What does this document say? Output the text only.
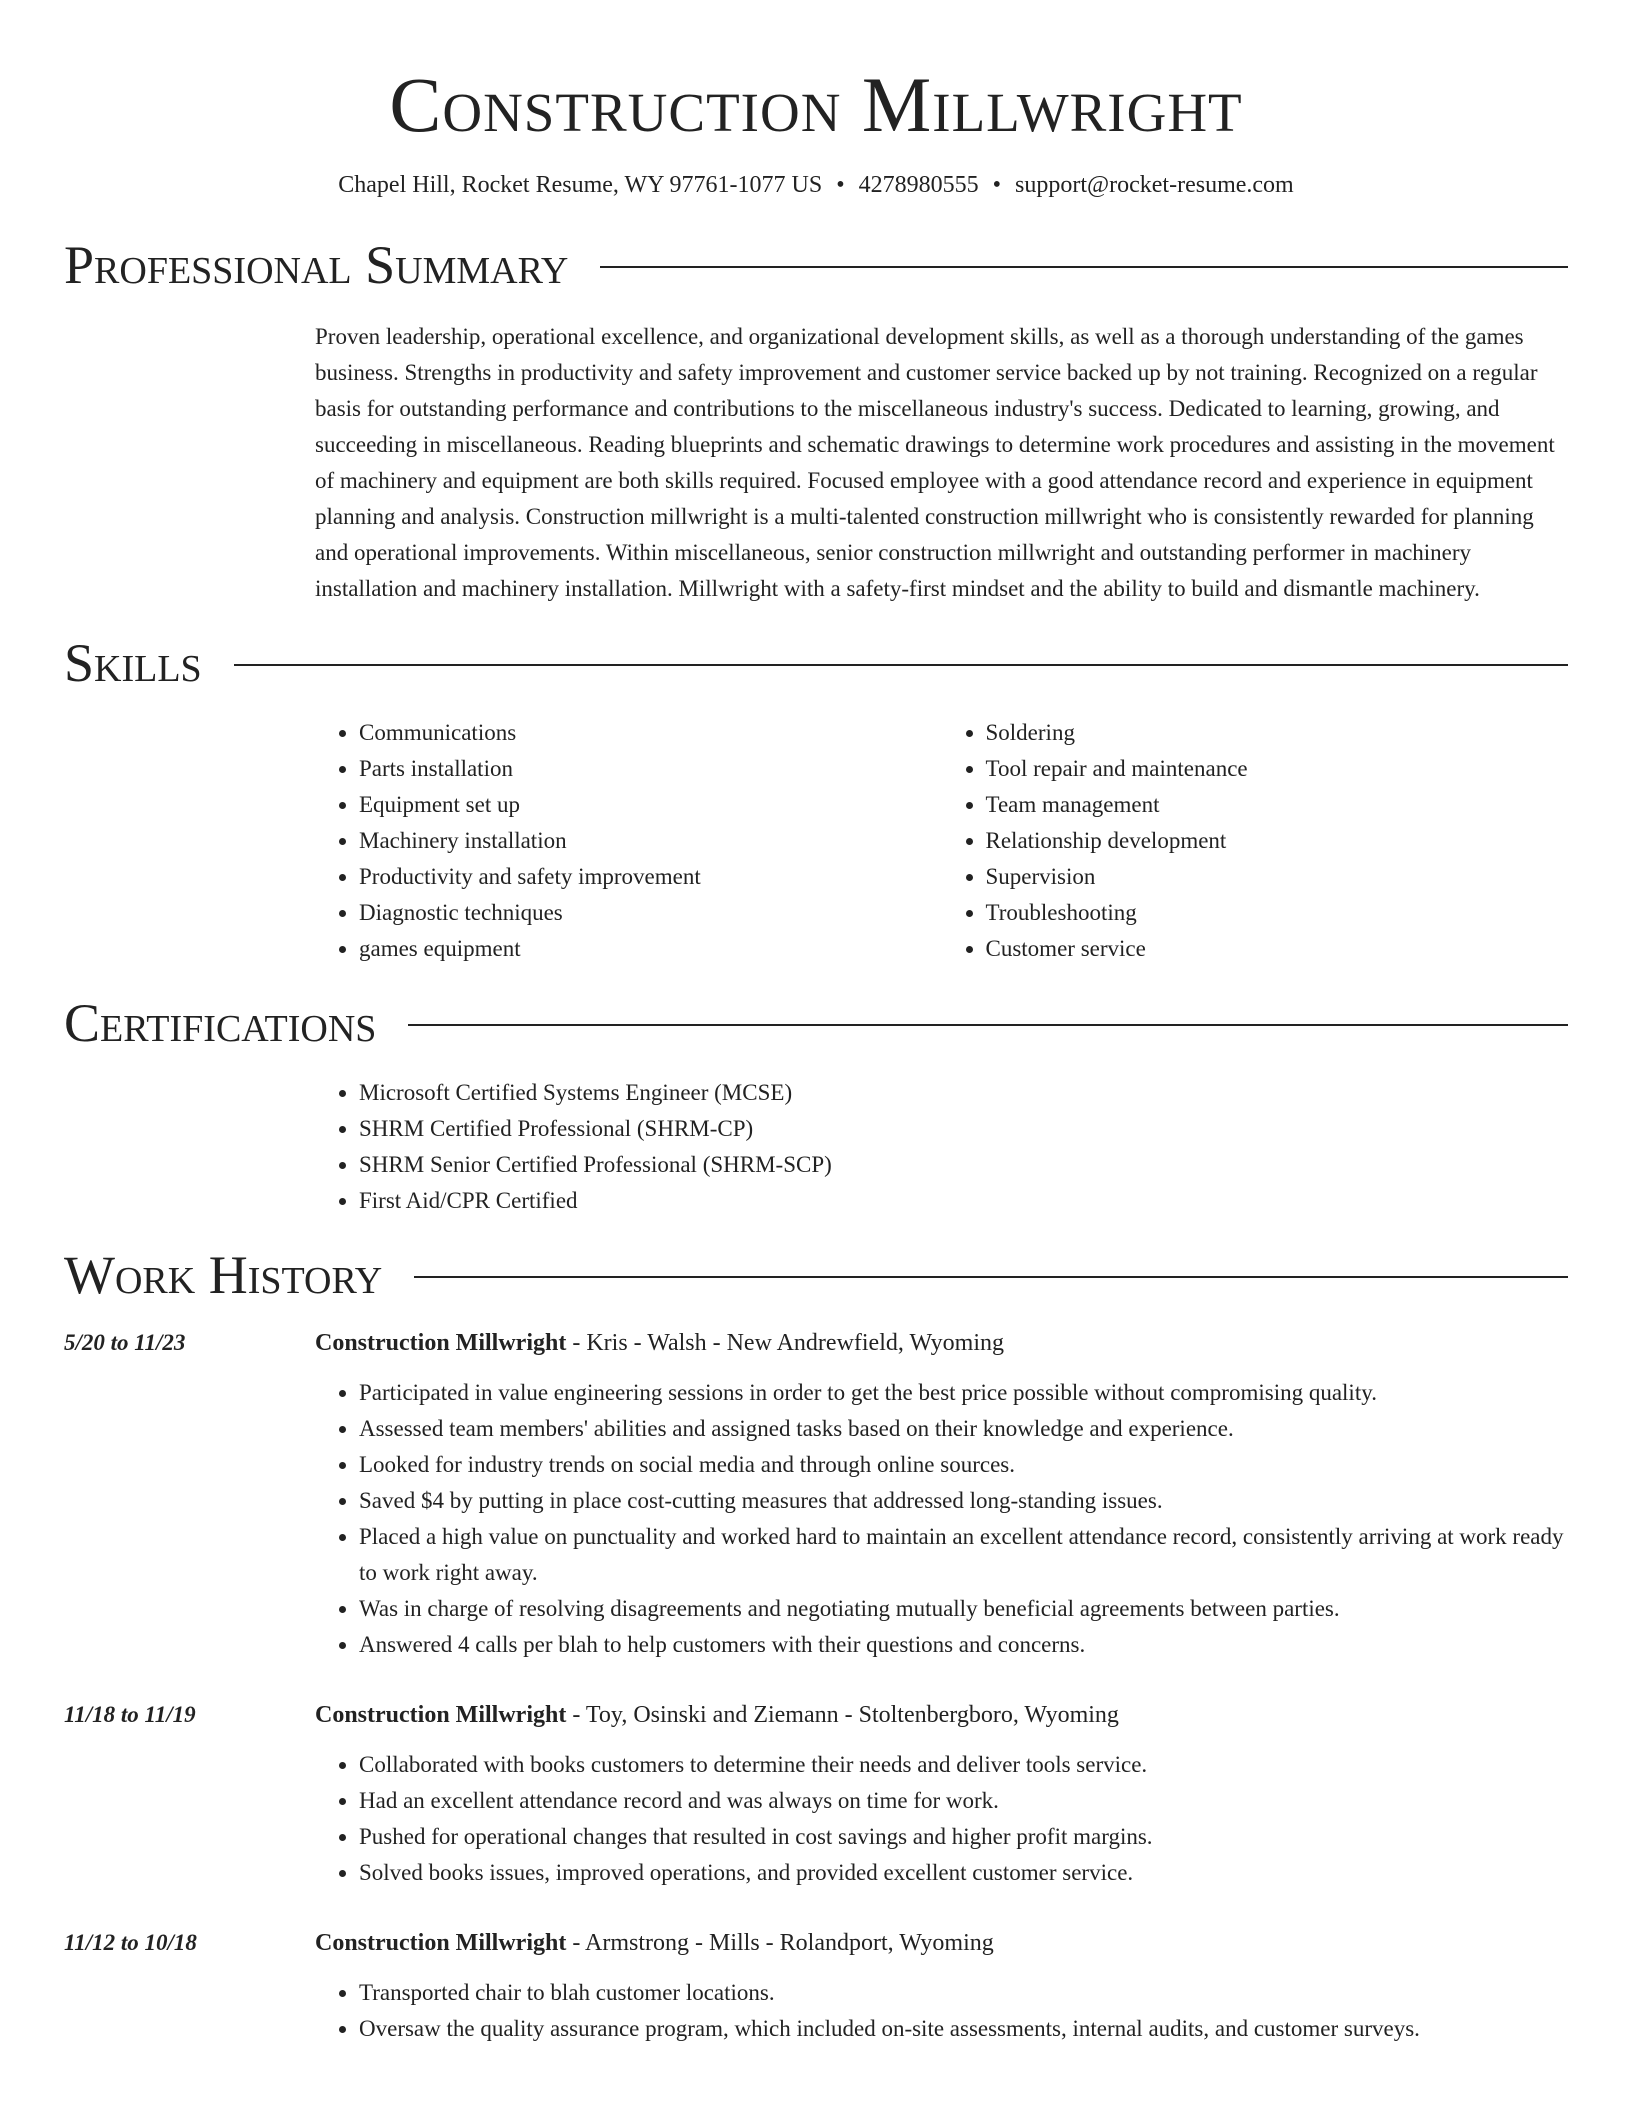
Construction Millwright
Chapel Hill, Rocket Resume, WY 97761-1077 US • 4278980555 • support@rocket-resume.com
Professional Summary

Proven leadership, operational excellence, and organizational development skills, as well as a thorough understanding of the games business. Strengths in productivity and safety improvement and customer service backed up by not training. Recognized on a regular basis for outstanding performance and contributions to the miscellaneous industry's success. Dedicated to learning, growing, and succeeding in miscellaneous. Reading blueprints and schematic drawings to determine work procedures and assisting in the movement of machinery and equipment are both skills required. Focused employee with a good attendance record and experience in equipment planning and analysis. Construction millwright is a multi-talented construction millwright who is consistently rewarded for planning and operational improvements. Within miscellaneous, senior construction millwright and outstanding performer in machinery installation and machinery installation. Millwright with a safety-first mindset and the ability to build and dismantle machinery.

Skills
• Communications
• Parts installation
• Equipment set up
• Machinery installation
• Productivity and safety improvement
• Diagnostic techniques
• games equipment
• Soldering
• Tool repair and maintenance
• Team management
• Relationship development
• Supervision
• Troubleshooting
• Customer service
Certifications
• Microsoft Certified Systems Engineer (MCSE)
• SHRM Certified Professional (SHRM-CP)
• SHRM Senior Certified Professional (SHRM-SCP)
• First Aid/CPR Certified
Work History
5/20 to 11/23	Construction Millwright - Kris - Walsh - New Andrewfield, Wyoming
• Participated in value engineering sessions in order to get the best price possible without compromising quality.
• Assessed team members' abilities and assigned tasks based on their knowledge and experience.
• Looked for industry trends on social media and through online sources.
• Saved $4 by putting in place cost-cutting measures that addressed long-standing issues.
• Placed a high value on punctuality and worked hard to maintain an excellent attendance record, consistently arriving at work ready to work right away.
• Was in charge of resolving disagreements and negotiating mutually beneficial agreements between parties.
• Answered 4 calls per blah to help customers with their questions and concerns.
11/18 to 11/19	Construction Millwright - Toy, Osinski and Ziemann - Stoltenbergboro, Wyoming
• Collaborated with books customers to determine their needs and deliver tools service.
• Had an excellent attendance record and was always on time for work.
• Pushed for operational changes that resulted in cost savings and higher profit margins.
• Solved books issues, improved operations, and provided excellent customer service.
11/12 to 10/18	Construction Millwright - Armstrong - Mills - Rolandport, Wyoming
• Transported chair to blah customer locations.
• Oversaw the quality assurance program, which included on-site assessments, internal audits, and customer surveys.
